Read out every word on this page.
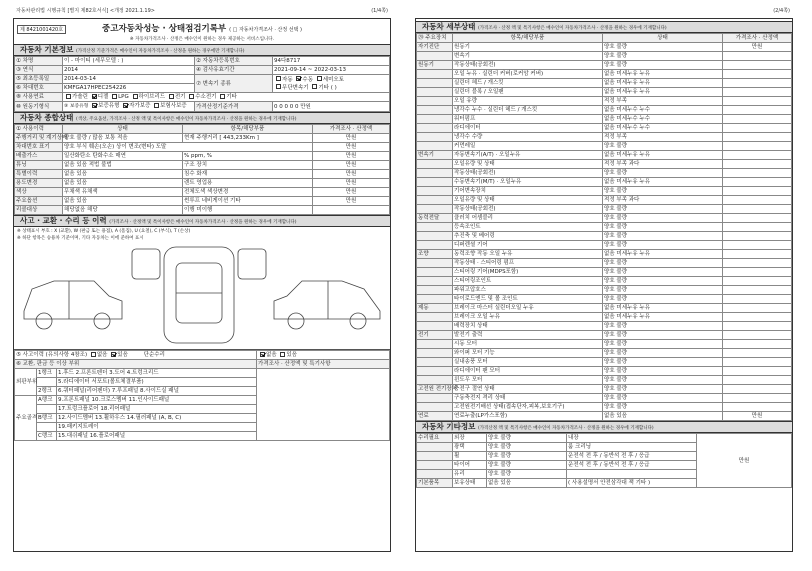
자동차관리법 시행규칙 [별지 제82호서식] <개정 2021.1.19>	(1/4쪽)
제 8421001420호	중고자동차성능 · 상태점검기록부 ( □ 자동차가격조사 · 산정 선택 )
※ 자동차가격조사 · 산정은 매수인이 원하는 경우 제공하는 서비스입니다.
자동차 기본정보 (가격산정 기준가격은 매수인이 자동차가격조사 · 산정을 원하는 경우에만 기재합니다)
① 차명	이 - 마이티 (세무모델 : )	② 자동차등록번호	94다8717
③ 연식	2014	④ 검사유효기간	2021-09-14 ~ 2022-03-13
⑤ 최초등록일	2014-03-14	⑦ 변속기 종류	자동 수동 세미오토
무단변속기 기타 ( )
⑥ 차대번호	KMFGA17HPEC254226		
⑧ 사용연료	가솔린 디젤 LPG 하이브리드 전기 수소전기 기타		
⑩ 원동기형식	⑨ 보증유형 보증유형 자가보증 보험사보증	가격산정기준가격	0 0 0 0 0 만원
자동차 종합상태 (색상, 주요옵션, 가격조사 · 산정 액 및 특이사항은 매수인이 자동차가격조사 · 산정을 원하는 경우에 기재합니다)
① 사용이력	상태	항목/해당부품	가격조사 · 산정액
주행거리 및 계기상태	양호 불량 / 많음 보통 적음	현재 주행거리 [ 443,233Km ]	만원
차대번호 표기	양호 부식 훼손(오손) 상이 변조(변타) 도말		만원
배출가스	일산화탄소 탄화수소 매연	% ppm, %	만원
튜닝	없음 있음 적법 불법	구조 장치	만원
특별이력	없음 있음	침수 화재	만원
용도변경	없음 있음	렌트 영업용	만원
색상	무채색 유채색	전체도색 색상변경	만원
주요옵션	없음 있음	썬루프 네비게이션 기타	만원
리콜대상	해당없음 해당	이행 미이행	
사고 · 교환 · 수리 등 이력 (가격조사 · 산정액 및 특이사항은 매수인이 자동차가격조사 · 산정을 원하는 경우에 기재합니다)
※ 상태표시 부호 : X (교환), W (판금 또는 용접), A (흠집), U (요철), C (부식), T (손상)
※ 하단 항목은 승용차 기준이며, 기타 자동차는 이에 준하여 표시
⑤ 사고이력 (유의사항 4참조) 없음 있음 단순수리			없음 있음
⑥ 교환, 판금 등 이상 부위			가격조사 · 산정액 및 특기사항
외판부위	1랭크	1.후드 2.프론트펜더 3.도어 4.트렁크리드	
		5.라디에이터 서포트(볼트체결부품)	
	2랭크	6.쿼터패널(리어펜더) 7.루프패널 8.사이드실 패널	
주요골격	A랭크	9.프론트패널 10.크로스멤버 11.인사이드패널	
		17.트렁크플로어 18.리어패널	
	B랭크	12.사이드멤버 13.휠하우스 14.필러패널 (A, B, C)	
		19.패키지트레이	
	C랭크	15.대쉬패널 16.플로어패널	
(2/4쪽)
자동차 세부상태 (가격조사 · 산정 액 및 특기사항은 매수인이 자동차가격조사 · 산정을 원하는 경우에 기재합니다)
⑳ 주요장치	항목/해당부품	상태	가격조사 · 산정액
자기진단	원동기	양호 불량	만원
	변속기	양호 불량	
원동기	작동상태(공회전)	양호 불량	
	오일 누유 · 실린더 커버(로커암 커버)	없음 미세누유 누유	
	실린더 헤드 / 개스킷	없음 미세누유 누유	
	실린더 블록 / 오일팬	없음 미세누유 누유	
	오일 유량	적정 부족	
	냉각수 누수 · 실린더 헤드 / 개스킷	없음 미세누수 누수	
	워터펌프	없음 미세누수 누수	
	라디에이터	없음 미세누수 누수	
	냉각수 수량	적정 부족	
	커먼레일	양호 불량	
변속기	자동변속기(A/T) · 오일누유	없음 미세누유 누유	
	오일유량 및 상태	적정 부족 과다	
	작동상태(공회전)	양호 불량	
	수동변속기(M/T) · 오일누유	없음 미세누유 누유	
	기어변속장치	양호 불량	
	오일유량 및 상태	적정 부족 과다	
	작동상태(공회전)	양호 불량	
동력전달	클러치 어셈블리	양호 불량	
	등속조인트	양호 불량	
	추진축 및 베어링	양호 불량	
	디퍼렌셜 기어	양호 불량	
조향	동력조향 작동 오일 누유	없음 미세누유 누유	
	작동상태 · 스티어링 펌프	양호 불량	
	스티어링 기어(MDPS포함)	양호 불량	
	스티어링조인트	양호 불량	
	파워고압호스	양호 불량	
	타이로드엔드 및 볼 조인트	양호 불량	
제동	브레이크 마스터 실린더오일 누유	없음 미세누유 누유	
	브레이크 오일 누유	없음 미세누유 누유	
	배력장치 상태	양호 불량	
전기	발전기 출력	양호 불량	
	시동 모터	양호 불량	
	와이퍼 모터 기능	양호 불량	
	실내송풍 모터	양호 불량	
	라디에이터 팬 모터	양호 불량	
	윈도우 모터	양호 불량	
고전원 전기장치	충전구 절연 상태	양호 불량	
	구동축전지 격리 상태	양호 불량	
	고전원전기배선 상태(접속단자,피복,보호기구)	양호 불량	
연료	연료누출(LP가스포함)	없음 있음	만원
자동차 기타정보 (가격산정 액 및 특기사항은 매수인이 자동차가격조사 · 산정을 원하는 경우에 기재합니다)
수리필요	외장	양호 불량	내장	만원
	광택	양호 불량	룸 크리닝	
	휠	양호 불량	운전석 전 후 / 동반석 전 후 / 응급	
	타이어	양호 불량	운전석 전 후 / 동반석 전 후 / 응급	
	유리	양호 불량		
기본품목	보유상태	없음 있음	( 사용설명서 안전삼각대 잭 기타 )	
